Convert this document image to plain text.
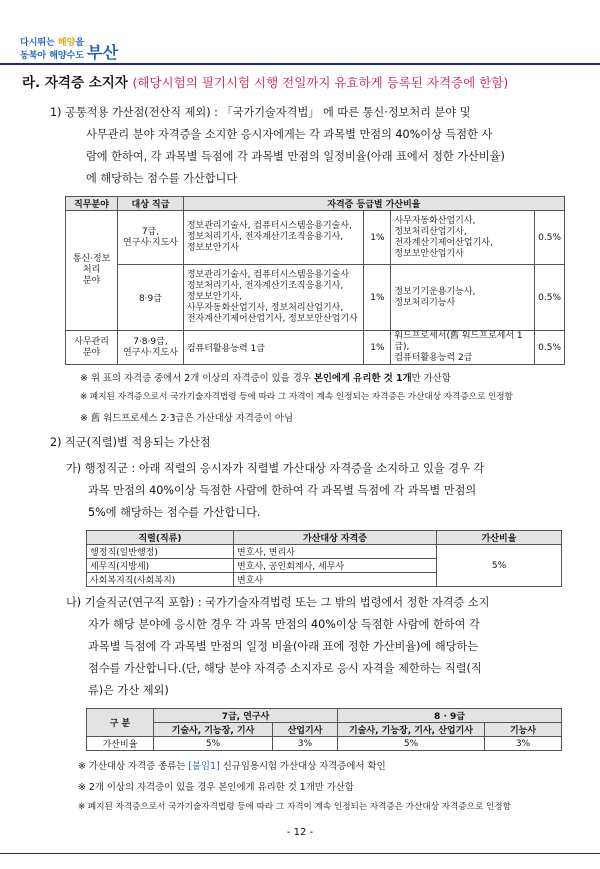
다시뛰는 해양을
동북아 해양수도 부산
라. 자격증 소지자 (해당시험의 필기시험 시행 전일까지 유효하게 등록된 자격증에 한함)
1) 공통적용 가산점(전산직 제외) : 「국가기술자격법」 에 따른 통신‧정보처리 분야 및
사무관리 분야 자격증을 소지한 응시자에게는 각 과목별 만점의 40%이상 득점한 사
람에 한하여, 각 과목별 득점에 각 과목별 만점의 일정비율(아래 표에서 정한 가산비율)
에 해당하는 점수를 가산합니다
직무분야	대상 직급	자격증 등급별 가산비율			
통신‧정보
처리
분야	7급,
연구사‧지도사	정보관리기술사, 컴퓨터시스템응용기술사,
정보처리기사, 전자계산기조직응용기사,
정보보안기사	1%	사무자동화산업기사,
정보처리산업기사,
전자계산기제어산업기사,
정보보안산업기사	0.5%
	8‧9급	정보관리기술사, 컴퓨터시스템응용기술사
정보처리기사, 전자계산기조직응용기사,
정보보안기사,
사무자동화산업기사, 정보처리산업기사,
전자계산기제어산업기사, 정보보안산업기사	1%	정보기기운용기능사,
정보처리기능사	0.5%
사무관리
분야	7‧8‧9급,
연구사‧지도사	컴퓨터활용능력 1급	1%	워드프로세서(舊 워드프로세서 1급),
컴퓨터활용능력 2급	0.5%
※ 위 표의 자격증 중에서 2개 이상의 자격증이 있을 경우 본인에게 유리한 것 1개만 가산함
※ 폐지된 자격증으로서 국가기술자격법령 등에 따라 그 자격이 계속 인정되는 자격증은 가산대상 자격증으로 인정함
※ 舊 워드프로세스 2‧3급은 가산대상 자격증이 아님
2) 직군(직렬)별 적용되는 가산점
가) 행정직군 : 아래 직렬의 응시자가 직렬별 가산대상 자격증을 소지하고 있을 경우 각
과목 만점의 40%이상 득점한 사람에 한하여 각 과목별 득점에 각 과목별 만점의
5%에 해당하는 점수를 가산합니다.
직렬(직류)	가산대상 자격증	가산비율
행정직(일반행정)	변호사, 변리사	5%
세무직(지방세)	변호사, 공인회계사, 세무사	
사회복지직(사회복지)	변호사	
나) 기술직군(연구직 포함) : 국가기술자격법령 또는 그 밖의 법령에서 정한 자격증 소지
자가 해당 분야에 응시한 경우 각 과목 만점의 40%이상 득점한 사람에 한하여 각
과목별 득점에 각 과목별 만점의 일정 비율(아래 표에 정한 가산비율)에 해당하는
점수를 가산합니다.(단, 해당 분야 자격증 소지자로 응시 자격을 제한하는 직렬(직
류)은 가산 제외)
구 분	7급, 연구사		8 · 9급	
	기술사, 기능장, 기사	산업기사	기술사, 기능장, 기사, 산업기사	기능사
가산비율	5%	3%	5%	3%
※ 가산대상 자격증 종류는 [붙임1] 신규임용시험 가산대상 자격증에서 확인
※ 2개 이상의 자격증이 있을 경우 본인에게 유리한 것 1개만 가산함
※ 폐지된 자격증으로서 국가기술자격법령 등에 따라 그 자격이 계속 인정되는 자격증은 가산대상 자격증으로 인정함
- 12 -
